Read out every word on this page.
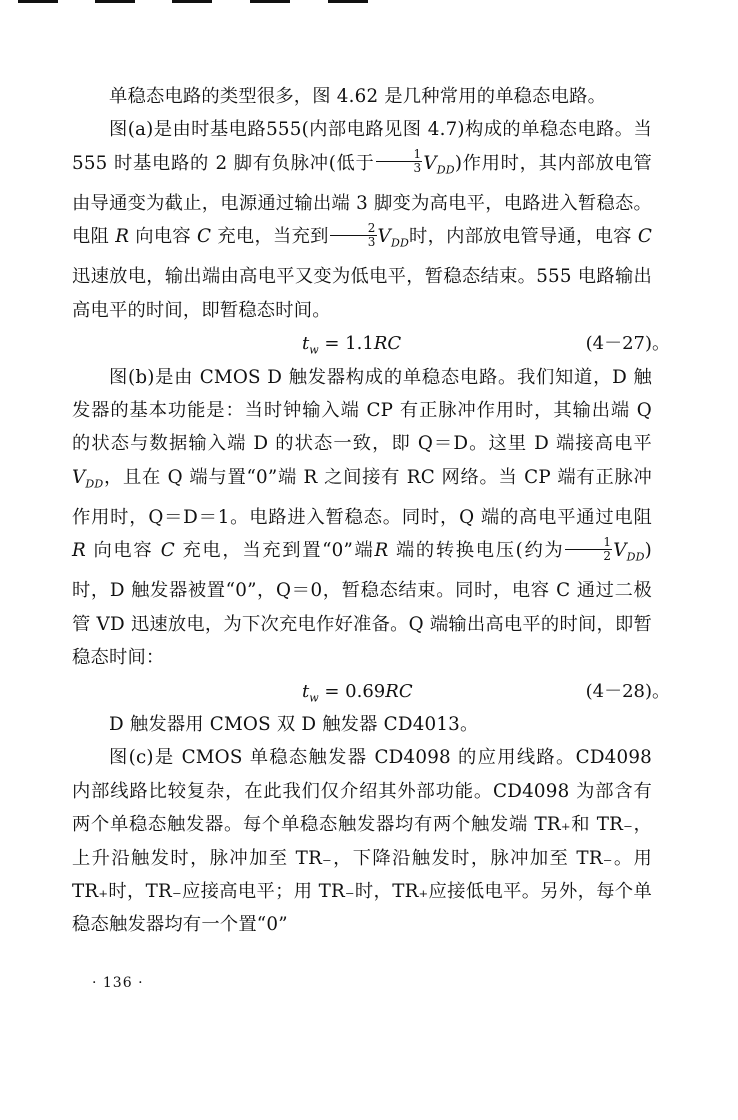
单稳态电路的类型很多，图 4.62 是几种常用的单稳态电路。

图(a)是由时基电路555(内部电路见图 4.7)构成的单稳态电路。当 555 时基电路的 2 脚有负脉冲(低于 $\frac{1}{3} V_{DD}$)作用时，其内部放电管由导通变为截止，电源通过输出端 3 脚变为高电平，电路进入暂稳态。电阻 R 向电容 C 充电，当充到 $\frac{2}{3} V_{DD}$时，内部放电管导通，电容 C 迅速放电，输出端由高电平又变为低电平，暂稳态结束。555 电路输出高电平的时间，即暂稳态时间。

$t_w = 1.1RC$	(4－27)。

图(b)是由 CMOS D 触发器构成的单稳态电路。我们知道，D 触发器的基本功能是：当时钟输入端 CP 有正脉冲作用时，其输出端 Q 的状态与数据输入端 D 的状态一致，即 Q＝D。这里 D 端接高电平 $V_{DD}$，且在 Q 端与置“0”端 R 之间接有 RC 网络。当 CP 端有正脉冲作用时，Q＝D＝1。电路进入暂稳态。同时，Q 端的高电平通过电阻 R 向电容 C 充电，当充到置“0”端R 端的转换电压(约为 $\frac{1}{2} V_{DD}$)时，D 触发器被置“0”，Q＝0，暂稳态结束。同时，电容 C 通过二极管 VD 迅速放电，为下次充电作好准备。Q 端输出高电平的时间，即暂稳态时间：

$t_w = 0.69RC$	(4－28)。

D 触发器用 CMOS 双 D 触发器 CD4013。

图(c)是 CMOS 单稳态触发器 CD4098 的应用线路。CD4098 内部线路比较复杂，在此我们仅介绍其外部功能。CD4098 为部含有两个单稳态触发器。每个单稳态触发器均有两个触发端 TR₊和 TR₋，上升沿触发时，脉冲加至 TR₋，下降沿触发时，脉冲加至 TR₋。用 TR₊时，TR₋应接高电平；用 TR₋时，TR₊应接低电平。另外，每个单稳态触发器均有一个置“0”

· 136 ·
